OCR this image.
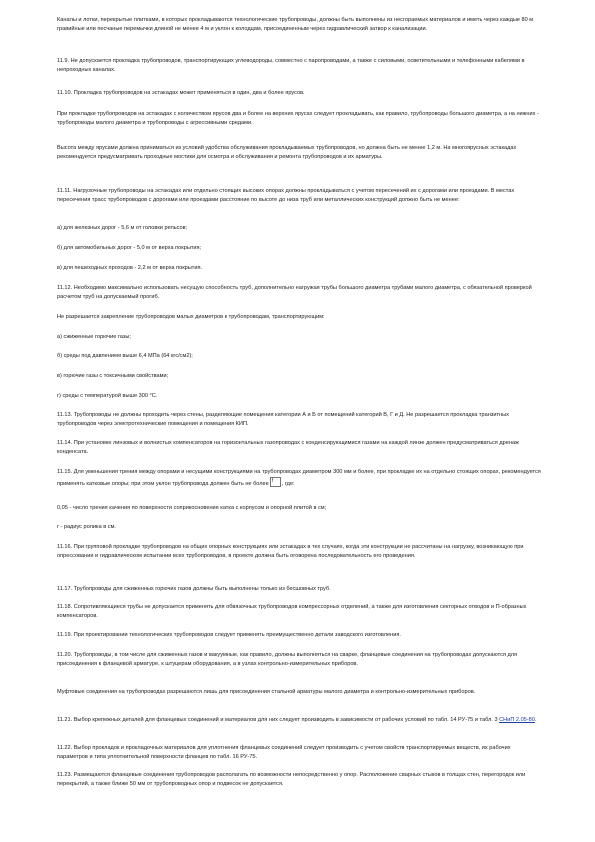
Каналы и лотки, перекрытые плитками, в которых прокладываются технологические трубопроводы, должны быть выполнены из несгораемых материалов и иметь через каждые 80 м гравийные или песчаные перемычки длиной не менее 4 м и уклон к колодцам, присоединенным через гидравлический затвор к канализации.

11.9. Не допускается прокладка трубопроводов, транспортирующих углеводороды, совместно с паропроводами, а также с силовыми, осветительными и телефонными кабелями в непроходных каналах.

11.10. Прокладка трубопроводов на эстакадах может применяться в один, два и более ярусов.

При прокладке трубопроводов на эстакадах с количеством ярусов два и более на верхних ярусах следует прокладывать, как правило, трубопроводы большого диаметра, а на нижних - трубопроводы малого диаметра и трубопроводы с агрессивными средами.

Высота между ярусами должна приниматься из условий удобства обслуживания прокладываемых трубопроводов, но должна быть не менее 1,2 м. На многоярусных эстакадах рекомендуется предусматривать проходные мостики для осмотра и обслуживания и ремонта трубопроводов и их арматуры.

11.11. Нагрузочные трубопроводы на эстакадах или отдельно стоящих высоких опорах должны прокладываться с учетом пересечений их с дорогами или проездами. В местах пересечения трасс трубопроводов с дорогами или проездами расстояние по высоте до низа труб или металлических конструкций должно быть не менее:

а) для железных дорог - 5,6 м от головки рельсов;

б) для автомобильных дорог - 5,0 м от верха покрытия;

в) для пешеходных проходов - 2,2 м от верха покрытия.

11.12. Необходимо максимально использовать несущую способность труб, дополнительно нагружая трубы большого диаметра трубами малого диаметра, с обязательной проверкой расчетом труб на допускаемый прогиб.

Не разрешается закрепление трубопроводов малых диаметров к трубопроводам, транспортирующим:

а) сжиженные горючие газы;

б) среды под давлением выше 6,4 МПа (64 кгс/см2);

в) горючие газы с токсичными свойствами;

г) среды с температурой выше 300 °С.

11.13. Трубопроводы не должны проходить через стены, разделяющие помещения категории А и Б от помещений категорий В, Г и Д. Не разрешается прокладка транзитных трубопроводов через электротехнические помещения и помещения КИП.

11.14. При установке линзовых и волнистых компенсаторов на горизонтальных газопроводах с конденсирующимися газами на каждой линзе должен предусматриваться дренаж конденсата.

11.15. Для уменьшения трения между опорами и несущими конструкциями на трубопроводах диаметром 300 мм и более, при прокладке их на отдельно стоящих опорах, рекомендуется применять катковые опоры; при этом уклон трубопровода должен быть не более f , где:

0,05 - число трения качения по поверхности соприкосновения катка с корпусом и опорной плитой в см;

r - радиус ролика в см.

11.16. При групповой прокладке трубопроводов на общих опорных конструкциях или эстакадах в тех случаях, когда эти конструкции не рассчитаны на нагрузку, возникающую при опрессовании и гидравлическом испытании всех трубопроводов, в проекте должна быть оговорена последовательность его проведения.

11.17. Трубопроводы для сжиженных горючих газов должны быть выполнены только из бесшовных труб.

11.18. Сопротивляющиеся трубы не допускается применять для обвязочных трубопроводов компрессорных отделений, а также для изготовления секторных отводов и П-образных компенсаторов.

11.19. При проектировании технологических трубопроводов следует применять преимущественно детали заводского изготовления.

11.20. Трубопроводы, в том числе для сжиженных газов и вакуумные, как правило, должны выполняться на сварке, фланцевые соединения на трубопроводах допускаются для присоединения к фланцевой арматуре, к штуцерам оборудования, а в узлах контрольно-измерительных приборов.

Муфтовые соединения на трубопроводах разрешаются лишь для присоединения стальной арматуры малого диаметра и контрольно-измерительных приборов.

11.21. Выбор крепежных деталей для фланцевых соединений и материалов для них следует производить в зависимости от рабочих условий по табл. 14 РУ-75 и табл. 3 СНиП 2.05-80.

11.22. Выбор прокладок и прокладочных материалов для уплотнения фланцевых соединений следует производить с учетом свойств транспортируемых веществ, их рабочих параметров и типа уплотнительной поверхности фланцев по табл. 16 РУ-75.

11.23. Размещаются фланцевые соединения трубопроводов располагать по возможности непосредственно у опор. Расположение сварных стыков в толщах стен, перегородок или перекрытий, а также ближе 50 мм от трубопроводных опор и подвесок не допускается.
